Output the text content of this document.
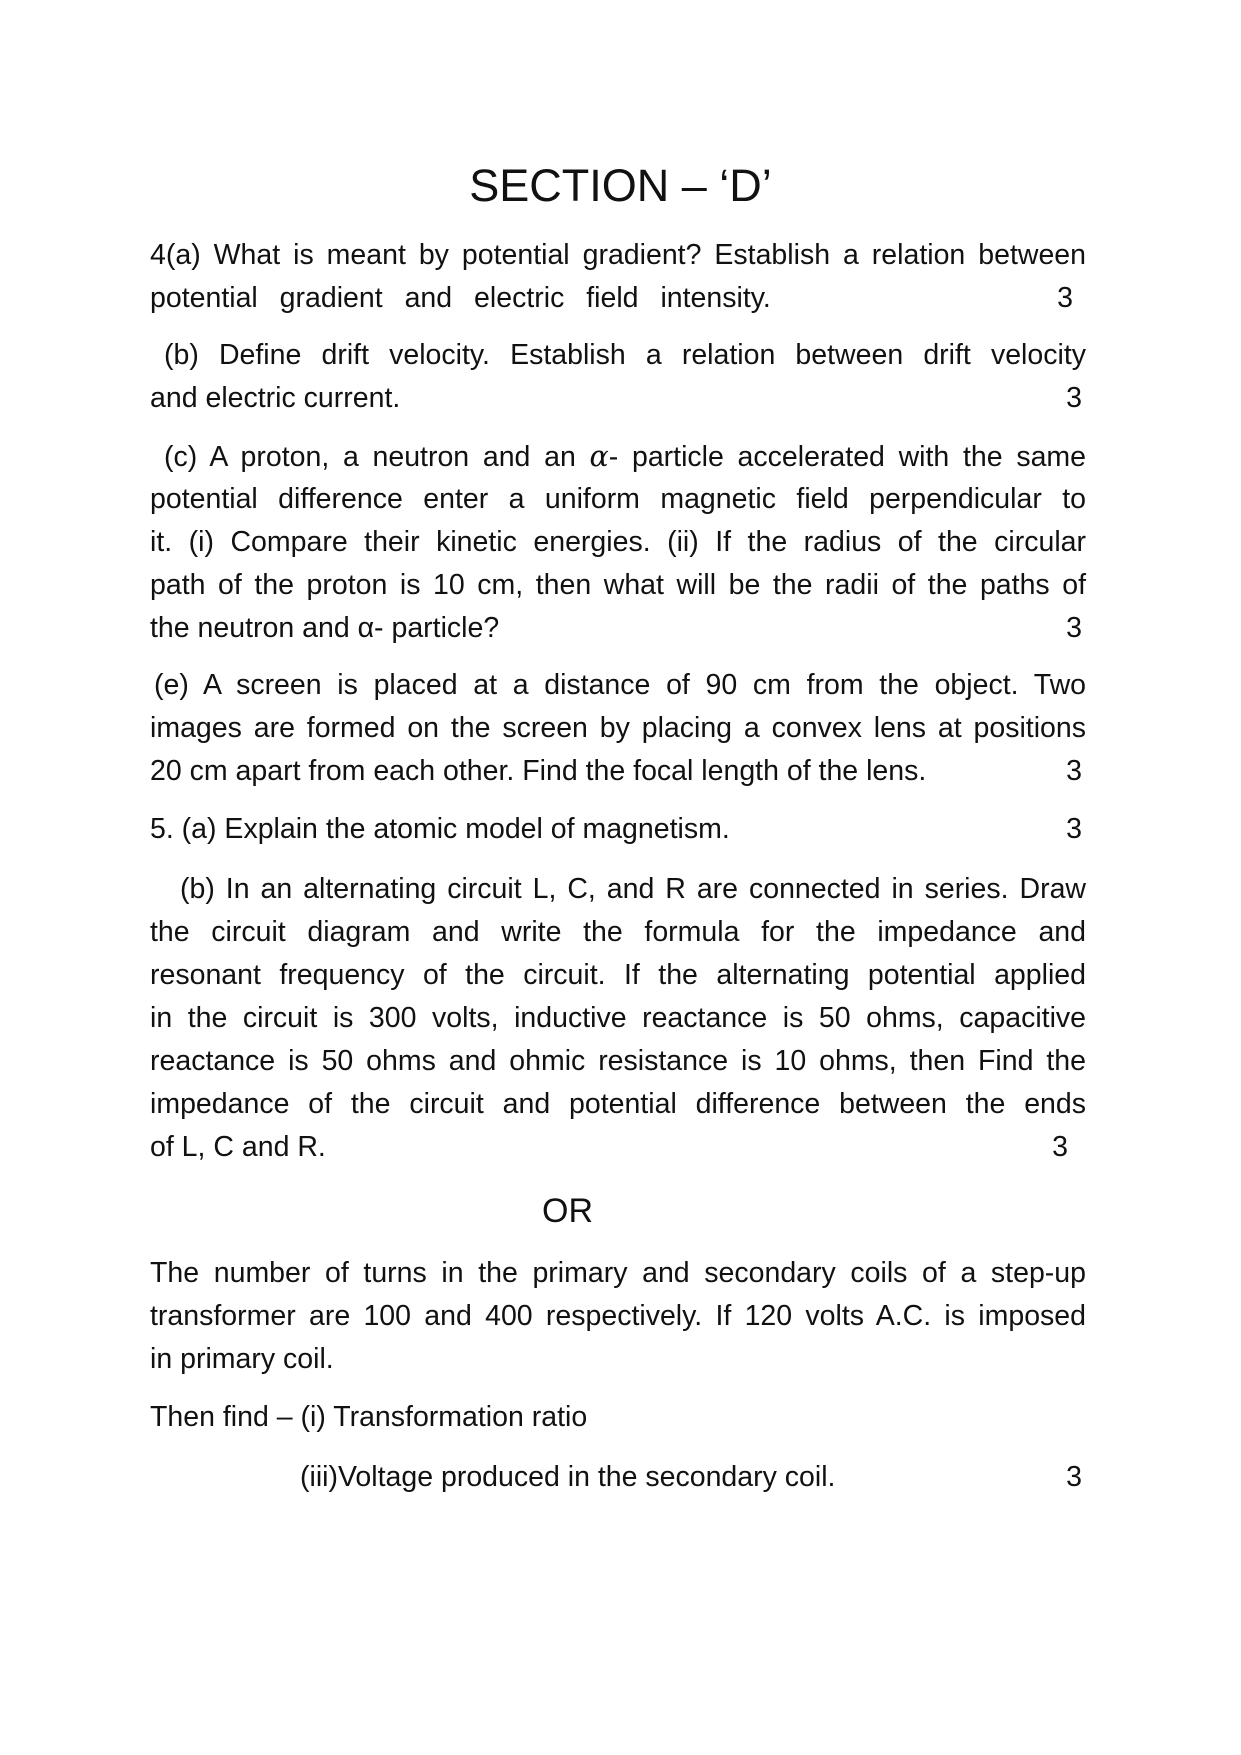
SECTION – ‘D’
4(a) What is meant by potential gradient? Establish a relation between
potential gradient and electric field intensity.	3
(b) Define drift velocity. Establish a relation between drift velocity
and electric current.	3
(c) A proton, a neutron and an α- particle accelerated with the same
potential difference enter a uniform magnetic field perpendicular to
it. (i) Compare their kinetic energies. (ii) If the radius of the circular
path of the proton is 10 cm, then what will be the radii of the paths of
the neutron and α- particle?	3
(e) A screen is placed at a distance of 90 cm from the object. Two
images are formed on the screen by placing a convex lens at positions
20 cm apart from each other. Find the focal length of the lens.	3
5. (a) Explain the atomic model of magnetism.	3
(b) In an alternating circuit L, C, and R are connected in series. Draw
the circuit diagram and write the formula for the impedance and
resonant frequency of the circuit. If the alternating potential applied
in the circuit is 300 volts, inductive reactance is 50 ohms, capacitive
reactance is 50 ohms and ohmic resistance is 10 ohms, then Find the
impedance of the circuit and potential difference between the ends
of L, C and R.	3
OR
The number of turns in the primary and secondary coils of a step-up
transformer are 100 and 400 respectively. If 120 volts A.C. is imposed
in primary coil.
Then find – (i) Transformation ratio
(iii)Voltage produced in the secondary coil.	3
